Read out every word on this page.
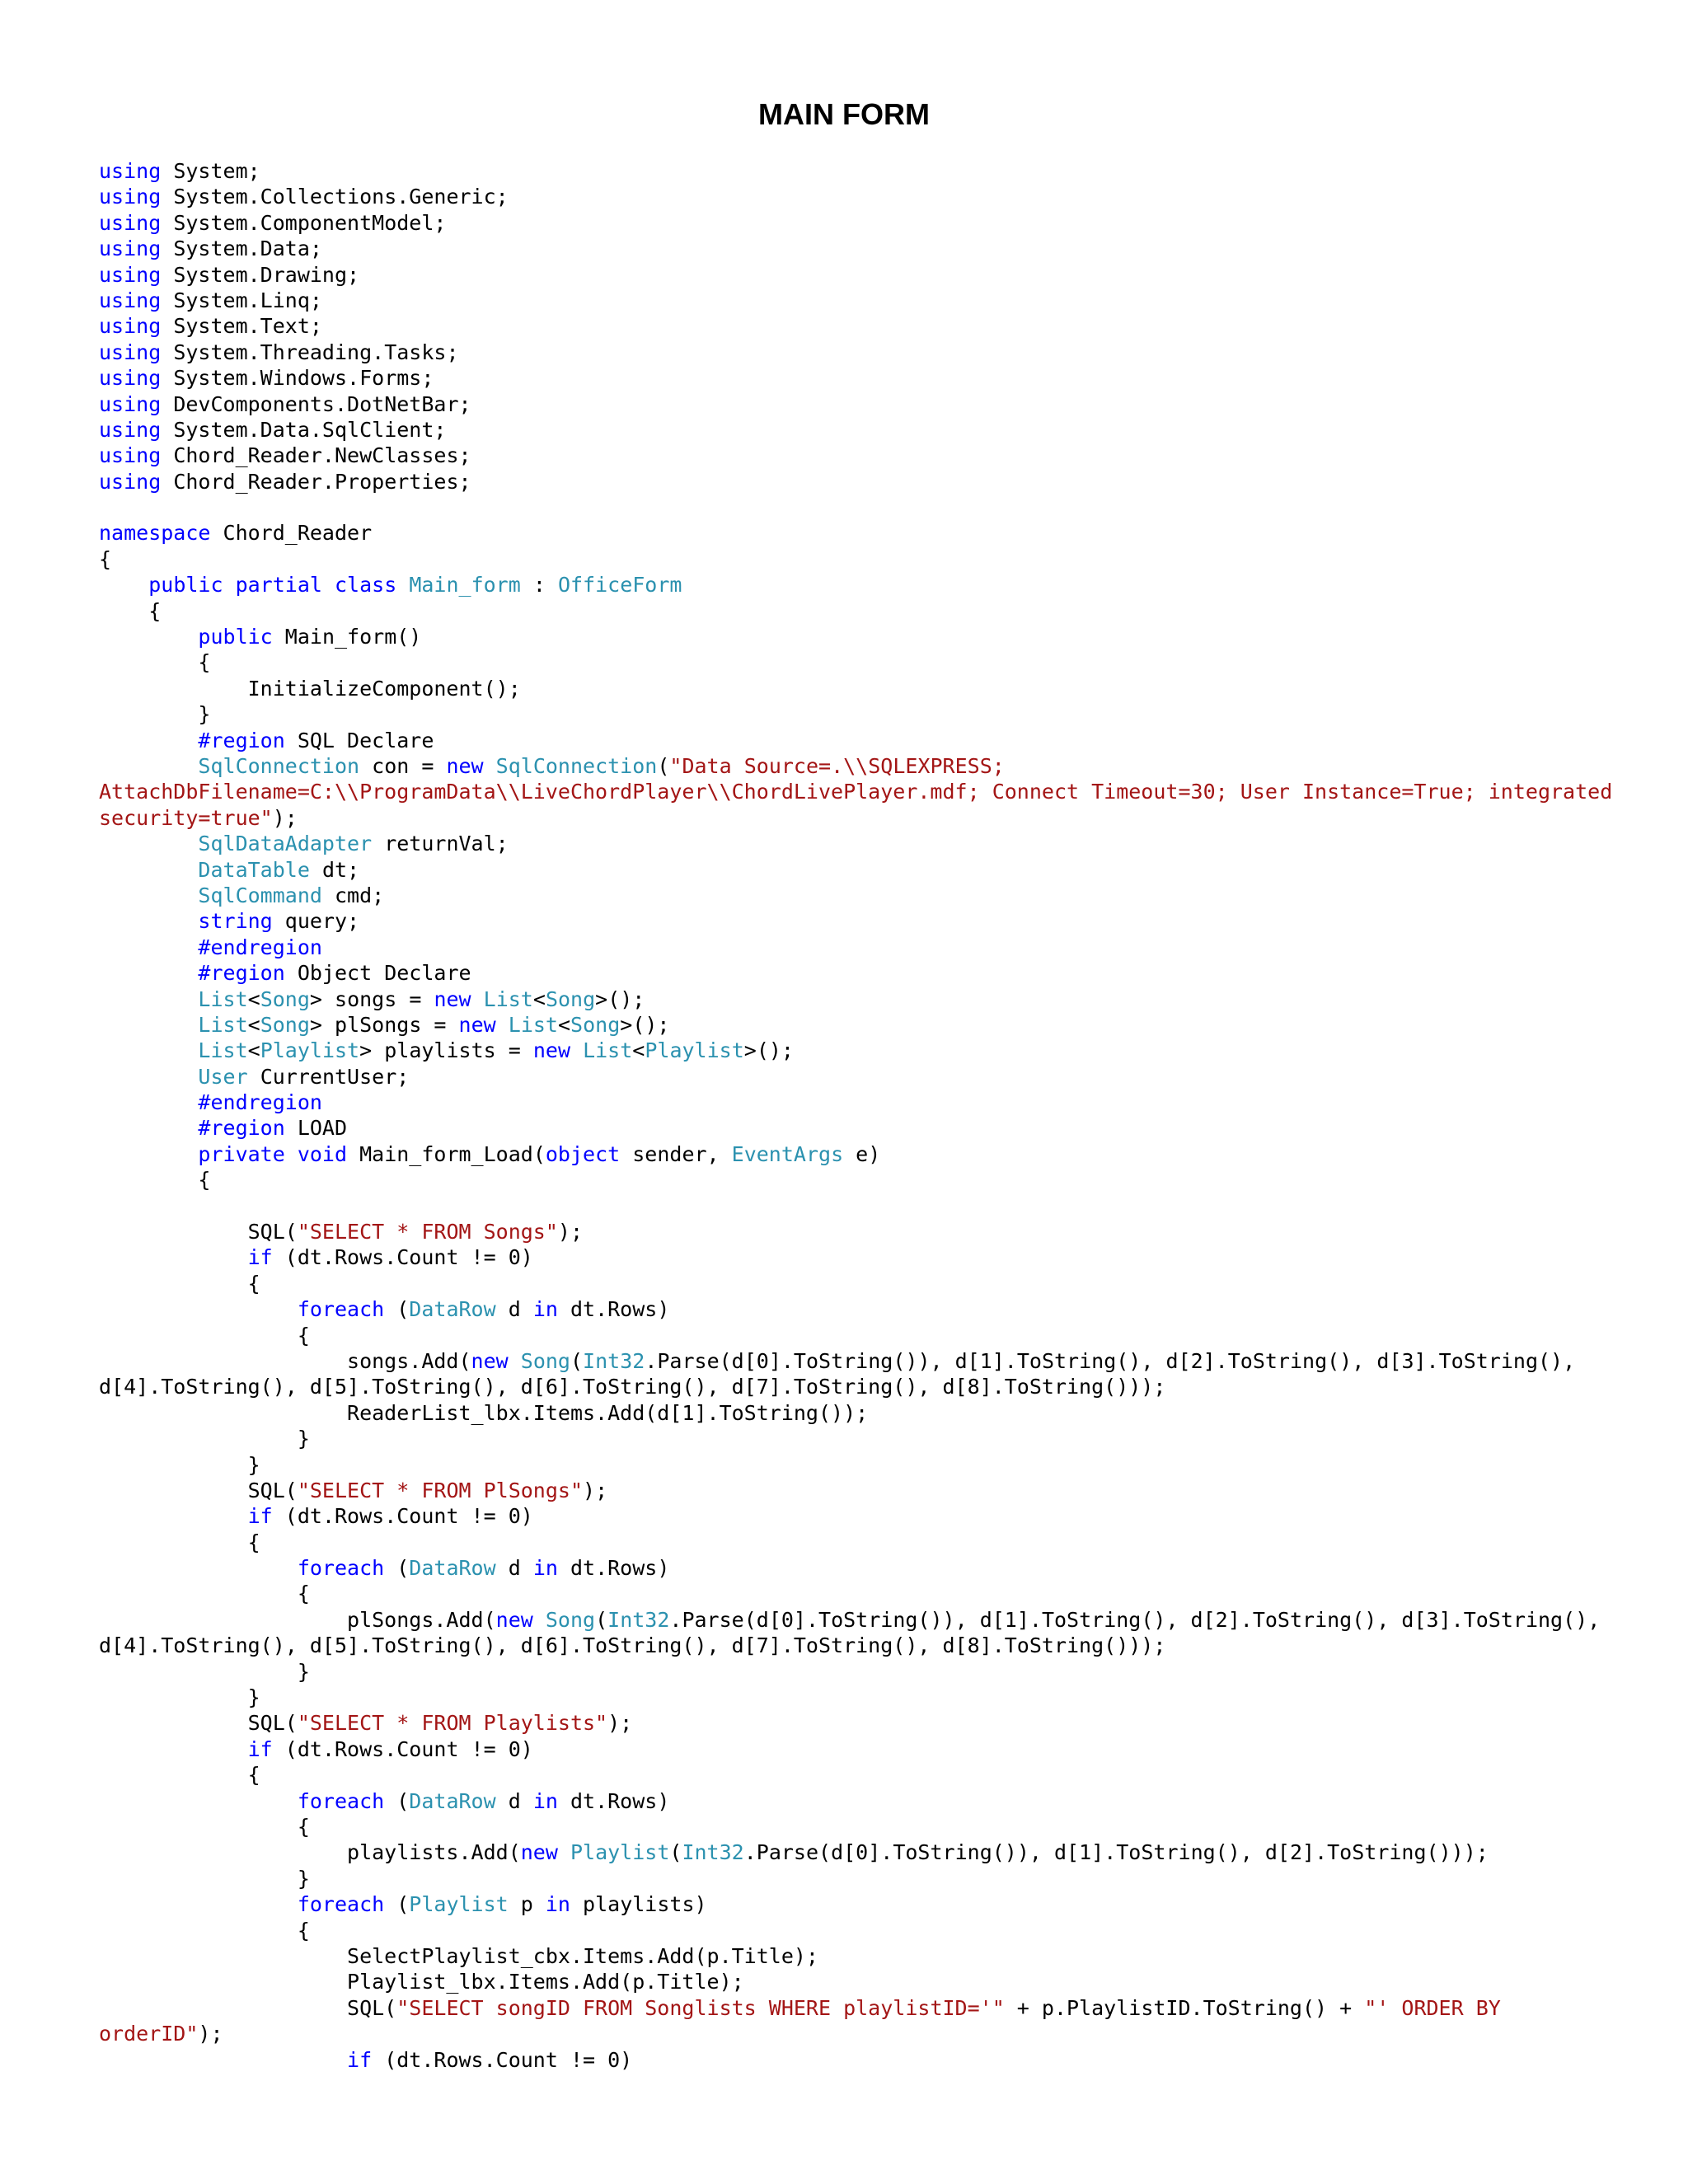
MAIN FORM
using System;
using System.Collections.Generic;
using System.ComponentModel;
using System.Data;
using System.Drawing;
using System.Linq;
using System.Text;
using System.Threading.Tasks;
using System.Windows.Forms;
using DevComponents.DotNetBar;
using System.Data.SqlClient;
using Chord_Reader.NewClasses;
using Chord_Reader.Properties;

namespace Chord_Reader
{
public partial class Main_form : OfficeForm
{
public Main_form()
{
InitializeComponent();
}
#region SQL Declare
SqlConnection con = new SqlConnection("Data Source=.\\SQLEXPRESS;
AttachDbFilename=C:\\ProgramData\\LiveChordPlayer\\ChordLivePlayer.mdf; Connect Timeout=30; User Instance=True; integrated
security=true");
SqlDataAdapter returnVal;
DataTable dt;
SqlCommand cmd;
string query;
#endregion
#region Object Declare
List<Song> songs = new List<Song>();
List<Song> plSongs = new List<Song>();
List<Playlist> playlists = new List<Playlist>();
User CurrentUser;
#endregion
#region LOAD
private void Main_form_Load(object sender, EventArgs e)
{

SQL("SELECT * FROM Songs");
if (dt.Rows.Count != 0)
{
foreach (DataRow d in dt.Rows)
{
songs.Add(new Song(Int32.Parse(d[0].ToString()), d[1].ToString(), d[2].ToString(), d[3].ToString(),
d[4].ToString(), d[5].ToString(), d[6].ToString(), d[7].ToString(), d[8].ToString()));
ReaderList_lbx.Items.Add(d[1].ToString());
}
}
SQL("SELECT * FROM PlSongs");
if (dt.Rows.Count != 0)
{
foreach (DataRow d in dt.Rows)
{
plSongs.Add(new Song(Int32.Parse(d[0].ToString()), d[1].ToString(), d[2].ToString(), d[3].ToString(),
d[4].ToString(), d[5].ToString(), d[6].ToString(), d[7].ToString(), d[8].ToString()));
}
}
SQL("SELECT * FROM Playlists");
if (dt.Rows.Count != 0)
{
foreach (DataRow d in dt.Rows)
{
playlists.Add(new Playlist(Int32.Parse(d[0].ToString()), d[1].ToString(), d[2].ToString()));
}
foreach (Playlist p in playlists)
{
SelectPlaylist_cbx.Items.Add(p.Title);
Playlist_lbx.Items.Add(p.Title);
SQL("SELECT songID FROM Songlists WHERE playlistID='" + p.PlaylistID.ToString() + "' ORDER BY
orderID");
if (dt.Rows.Count != 0)
